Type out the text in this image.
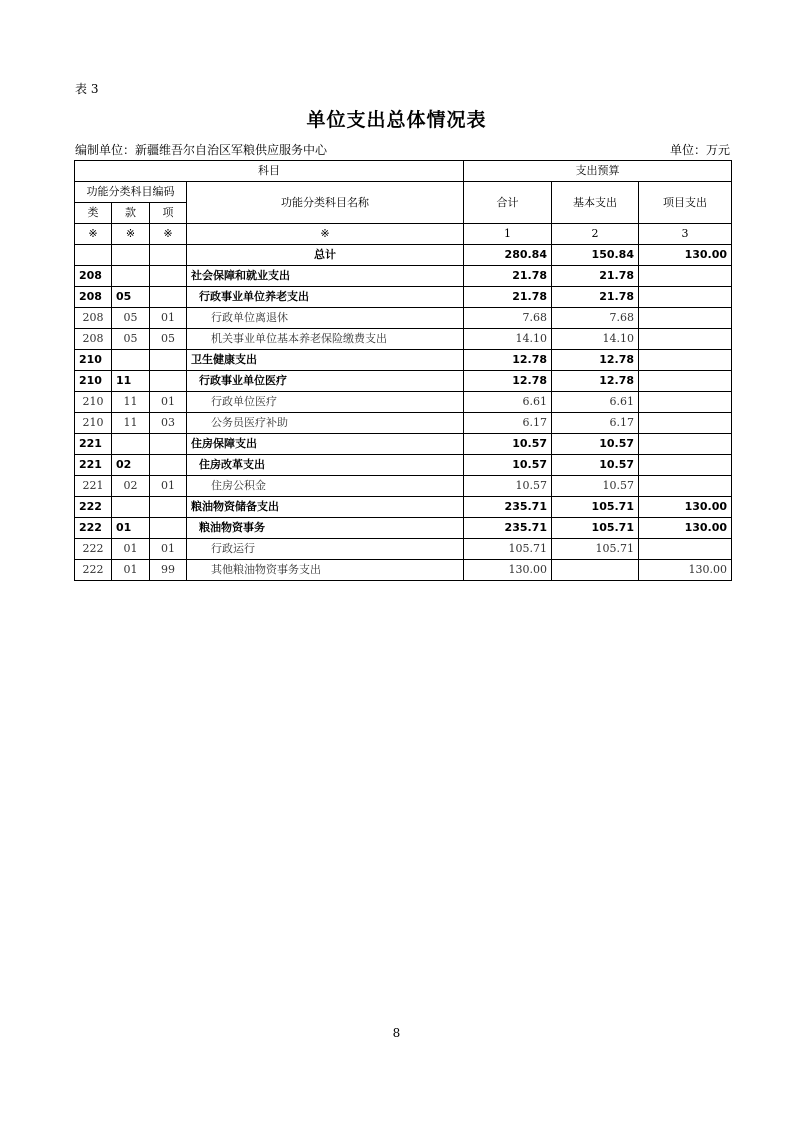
表 3
单位支出总体情况表
编制单位：新疆维吾尔自治区军粮供应服务中心	单位：万元
科目				支出预算		
功能分类科目编码			功能分类科目名称	合计	基本支出	项目支出
类	款	项				
※	※	※	※	1	2	3
			总计	280.84	150.84	130.00
208			社会保障和就业支出	21.78	21.78	
208	05		行政事业单位养老支出	21.78	21.78	
208	05	01	行政单位离退休	7.68	7.68	
208	05	05	机关事业单位基本养老保险缴费支出	14.10	14.10	
210			卫生健康支出	12.78	12.78	
210	11		行政事业单位医疗	12.78	12.78	
210	11	01	行政单位医疗	6.61	6.61	
210	11	03	公务员医疗补助	6.17	6.17	
221			住房保障支出	10.57	10.57	
221	02		住房改革支出	10.57	10.57	
221	02	01	住房公积金	10.57	10.57	
222			粮油物资储备支出	235.71	105.71	130.00
222	01		粮油物资事务	235.71	105.71	130.00
222	01	01	行政运行	105.71	105.71	
222	01	99	其他粮油物资事务支出	130.00		130.00
8
